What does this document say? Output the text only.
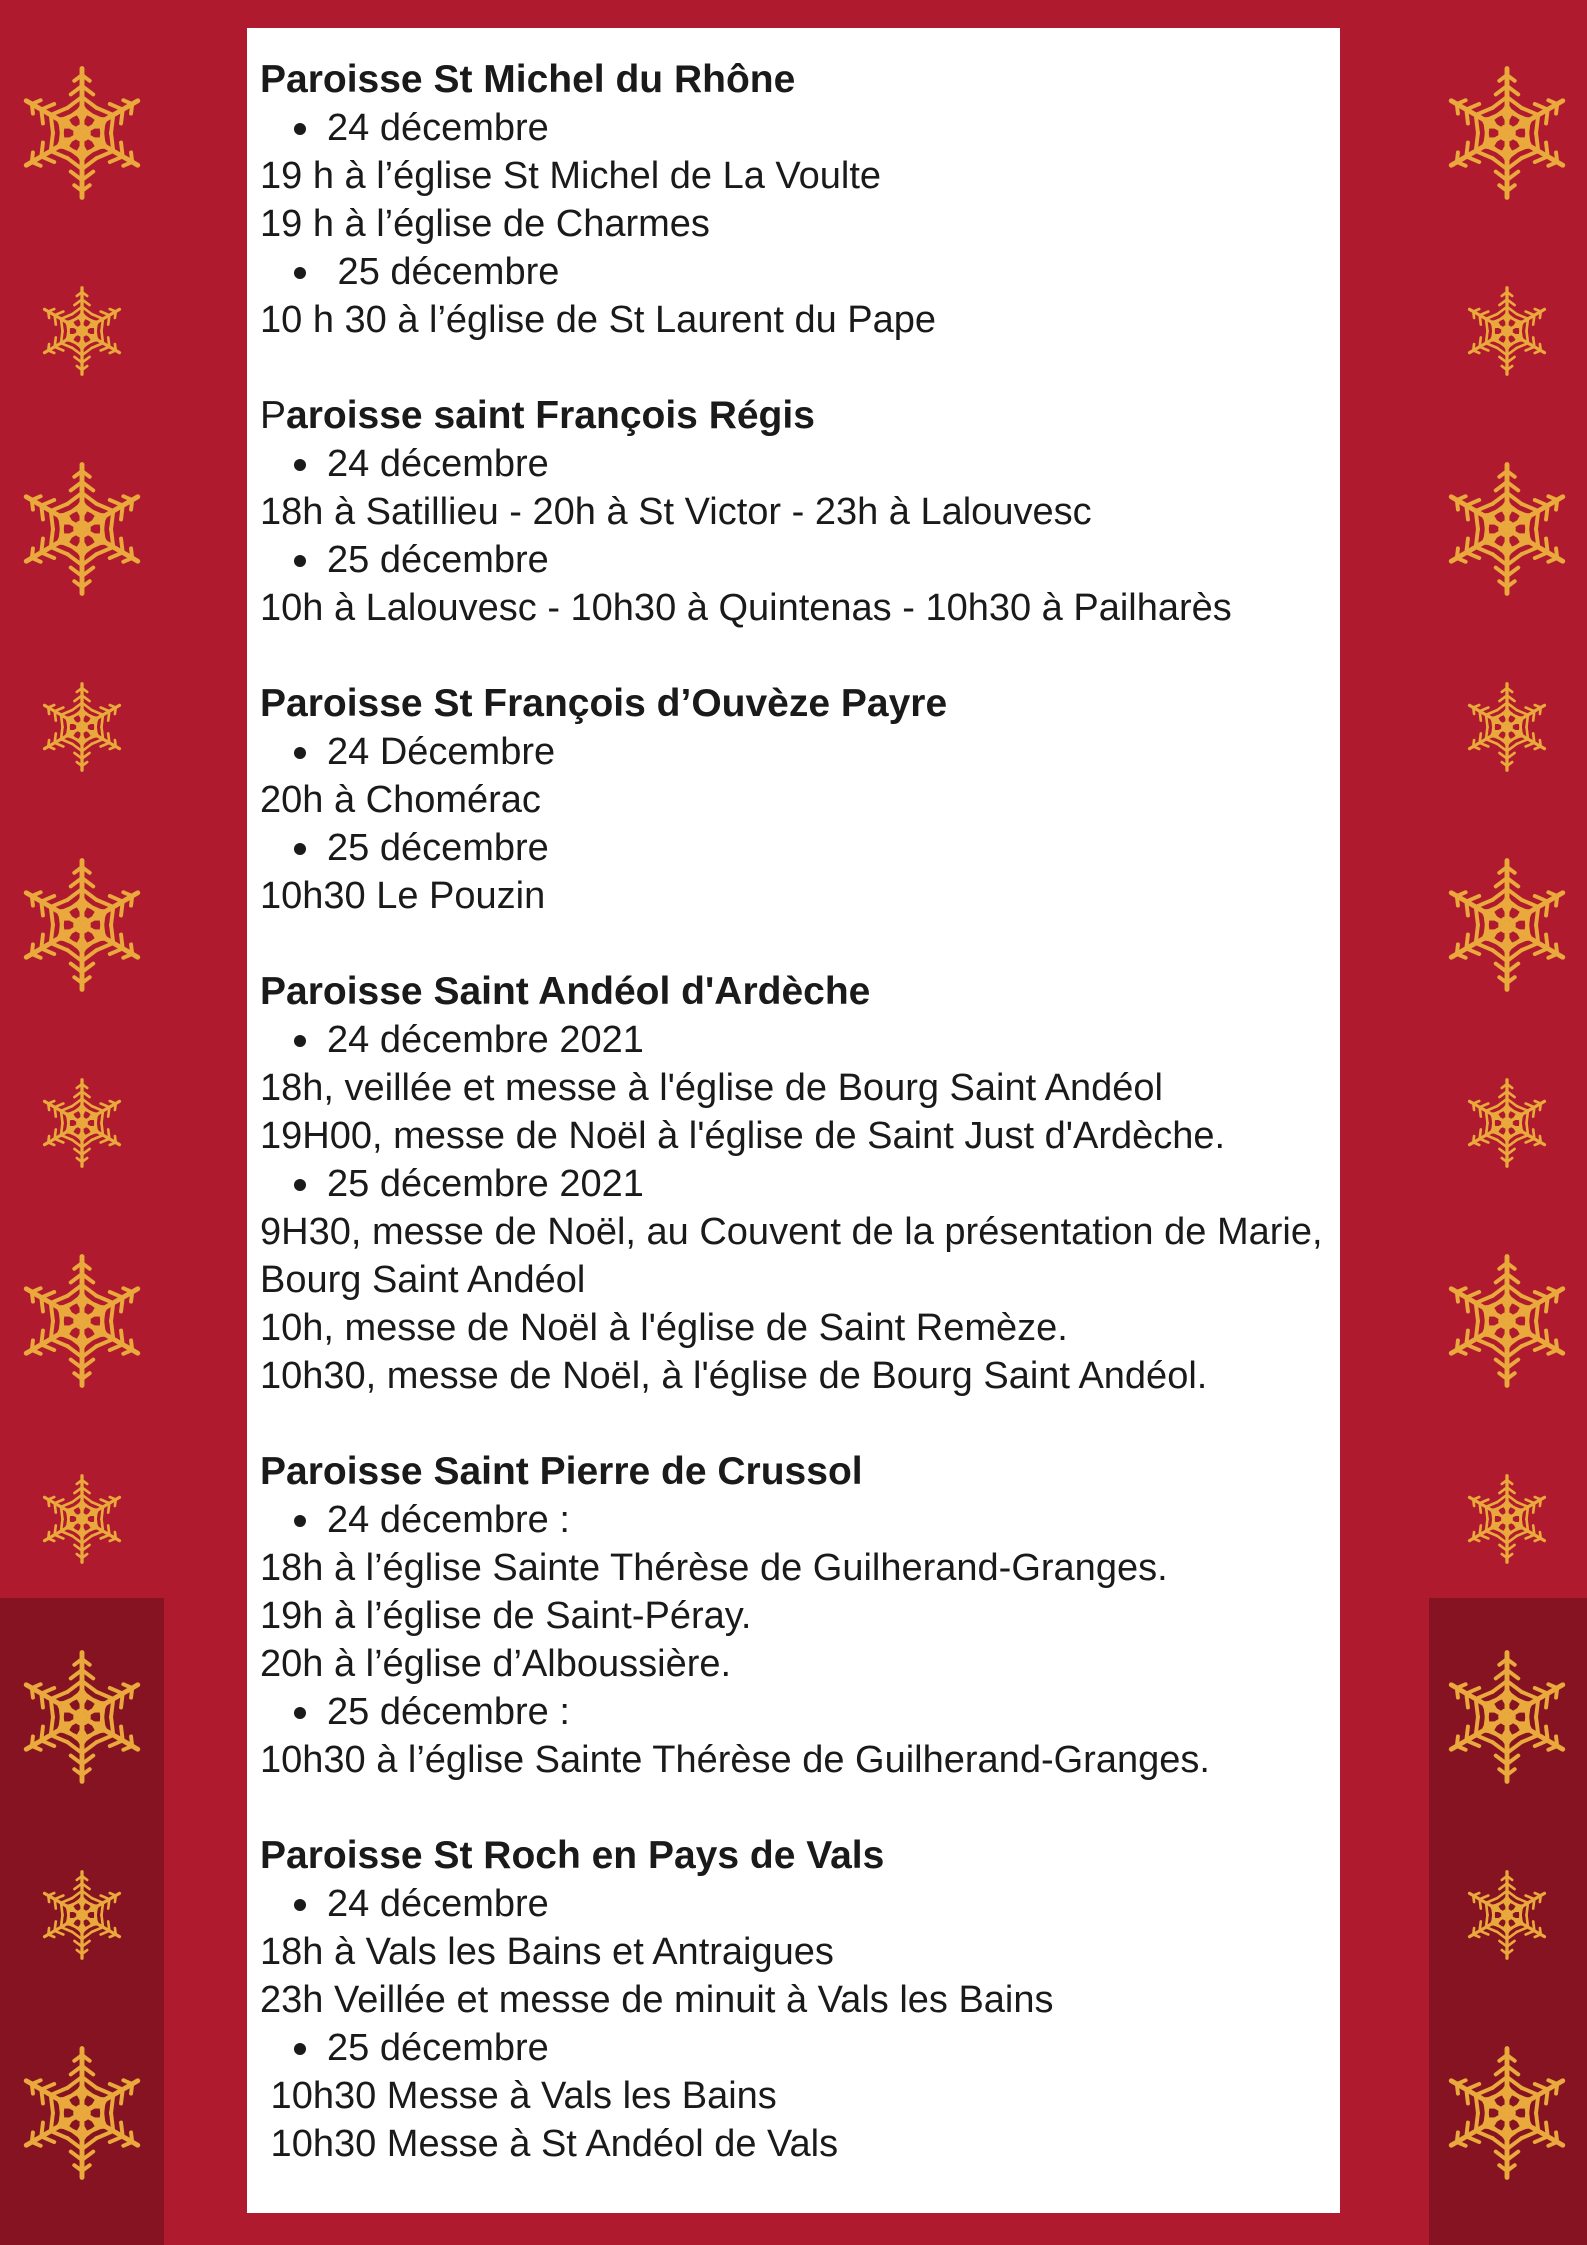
Paroisse St Michel du Rhône
24 décembre
19 h à l’église St Michel de La Voulte
19 h à l’église de Charmes
25 décembre
10 h 30 à l’église de St Laurent du Pape
Paroisse saint François Régis
24 décembre
18h à Satillieu - 20h à St Victor - 23h à Lalouvesc
25 décembre
10h à Lalouvesc - 10h30 à Quintenas - 10h30 à Pailharès
Paroisse St François d’Ouvèze Payre
24 Décembre
20h à Chomérac
25 décembre
10h30 Le Pouzin
Paroisse Saint Andéol d'Ardèche
24 décembre 2021
18h, veillée et messe à l'église de Bourg Saint Andéol
19H00, messe de Noël à l'église de Saint Just d'Ardèche.
25 décembre 2021
9H30, messe de Noël, au Couvent de la présentation de Marie, Bourg Saint Andéol
10h, messe de Noël à l'église de Saint Remèze.
10h30, messe de Noël, à l'église de Bourg Saint Andéol.
Paroisse Saint Pierre de Crussol
24 décembre :
18h à l’église Sainte Thérèse de Guilherand-Granges.
19h à l’église de Saint-Péray.
20h à l’église d’Alboussière.
25 décembre :
10h30 à l’église Sainte Thérèse de Guilherand-Granges.
Paroisse St Roch en Pays de Vals
24 décembre
18h à Vals les Bains et Antraigues
23h Veillée et messe de minuit à Vals les Bains
25 décembre
10h30 Messe à Vals les Bains
10h30 Messe à St Andéol de Vals
